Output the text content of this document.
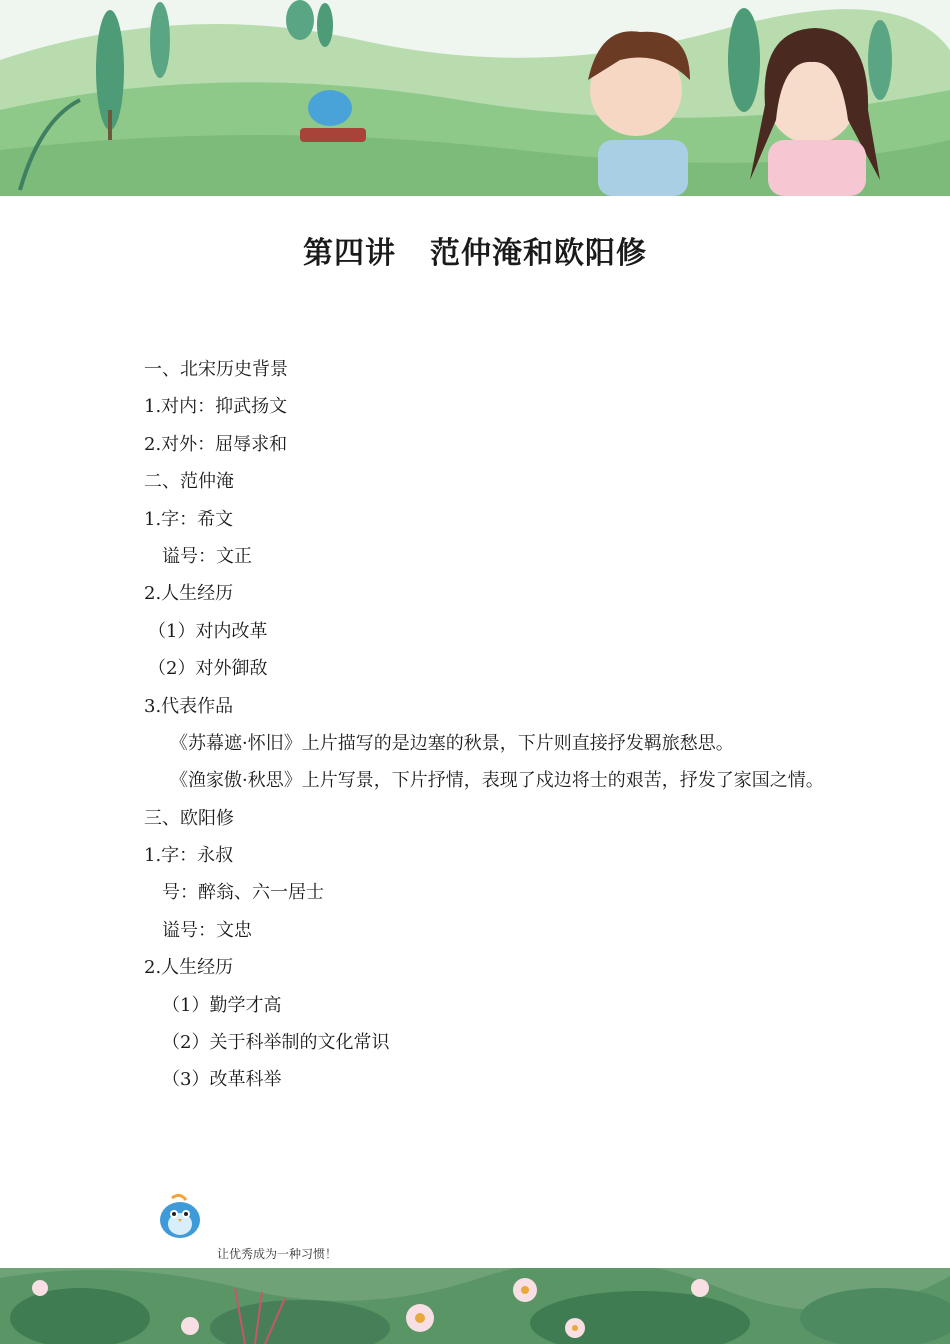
第四讲 范仲淹和欧阳修
一、北宋历史背景
1.对内：抑武扬文
2.对外：屈辱求和
二、范仲淹
1.字：希文
谥号：文正
2.人生经历
（1）对内改革
（2）对外御敌
3.代表作品
《苏幕遮·怀旧》上片描写的是边塞的秋景，下片则直接抒发羁旅愁思。
《渔家傲·秋思》上片写景，下片抒情，表现了戍边将士的艰苦，抒发了家国之情。
三、欧阳修
1.字：永叔
号：醉翁、六一居士
谥号：文忠
2.人生经历
（1）勤学才高
（2）关于科举制的文化常识
（3）改革科举
让优秀成为一种习惯！
